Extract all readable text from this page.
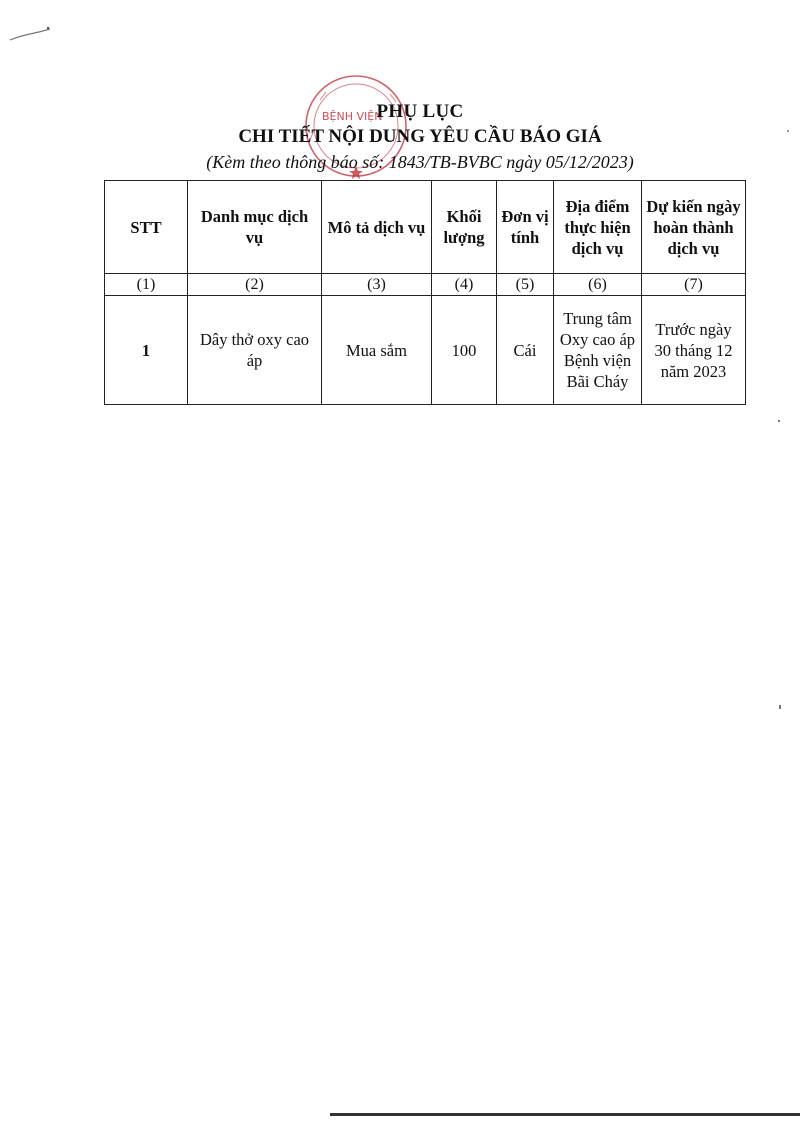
BỆNH VIỆN
PHỤ LỤC
CHI TIẾT NỘI DUNG YÊU CẦU BÁO GIÁ
(Kèm theo thông báo số: 1843/TB-BVBC ngày 05/12/2023)
STT	Danh mục dịch vụ	Mô tả dịch vụ	Khối lượng	Đơn vị tính	Địa điểm thực hiện dịch vụ	Dự kiến ngày hoàn thành dịch vụ
(1)	(2)	(3)	(4)	(5)	(6)	(7)
1	Dây thở oxy cao áp	Mua sắm	100	Cái	Trung tâm Oxy cao áp Bệnh viện Bãi Cháy	Trước ngày 30 tháng 12 năm 2023
